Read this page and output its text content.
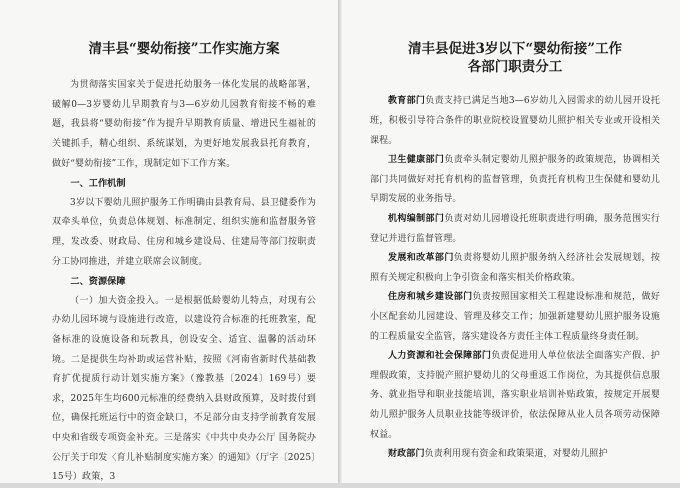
清丰县“婴幼衔接”工作实施方案

为贯彻落实国家关于促进托幼服务一体化发展的战略部署，破解0—3岁婴幼儿早期教育与3—6岁幼儿园教育衔接不畅的难题，我县将“婴幼衔接”作为提升早期教育质量、增进民生福祉的关键抓手，精心组织、系统谋划，为更好地发展我县托育教育，做好“婴幼衔接”工作，现制定如下工作方案。

一、工作机制

3岁以下婴幼儿照护服务工作明确由县教育局、县卫健委作为双牵头单位，负责总体规划、标准制定、组织实施和监督服务管理，发改委、财政局、住房和城乡建设局、住建局等部门按职责分工协同推进，并建立联席会议制度。

二、资源保障

（一）加大资金投入。一是根据低龄婴幼儿特点，对现有公办幼儿园环境与设施进行改造，以建设符合标准的托班教室，配备标准的设施设备和玩教具，创设安全、适宜、温馨的活动环境。二是提供生均补助或运营补贴，按照《河南省新时代基础教育扩优提质行动计划实施方案》（豫教基〔2024〕169号）要求，2025年生均600元标准的经费纳入县财政预算，及时拨付到位，确保托班运行中的资金缺口，不足部分由支持学前教育发展中央和省级专项资金补充。三是落实《中共中央办公厅 国务院办公厅关于印发〈育儿补贴制度实施方案〉的通知》（厅字〔2025〕15号）政策，3

清丰县促进3岁以下“婴幼衔接”工作
各部门职责分工

教育部门负责支持已满足当地3—6岁幼儿入园需求的幼儿园开设托班，积极引导符合条件的职业院校设置婴幼儿照护相关专业或开设相关课程。

卫生健康部门负责牵头制定婴幼儿照护服务的政策规范，协调相关部门共同做好对托育机构的监督管理，负责托育机构卫生保健和婴幼儿早期发展的业务指导。

机构编制部门负责对幼儿园增设托班职责进行明确，服务范围实行登记并进行监督管理。

发展和改革部门负责将婴幼儿照护服务纳入经济社会发展规划，按照有关规定积极向上争引资金和落实相关价格政策。

住房和城乡建设部门负责按照国家相关工程建设标准和规范，做好小区配套幼儿园建设、管理及移交工作；加强新建婴幼儿照护服务设施的工程质量安全监管，落实建设各方责任主体工程质量终身责任制。

人力资源和社会保障部门负责促进用人单位依法全面落实产假、护理假政策，支持脱产照护婴幼儿的父母重返工作岗位，为其提供信息服务、就业指导和职业技能培训，落实职业培训补贴政策，按规定开展婴幼儿照护服务人员职业技能等级评价，依法保障从业人员各项劳动保障权益。

财政部门负责利用现有资金和政策渠道，对婴幼儿照护
